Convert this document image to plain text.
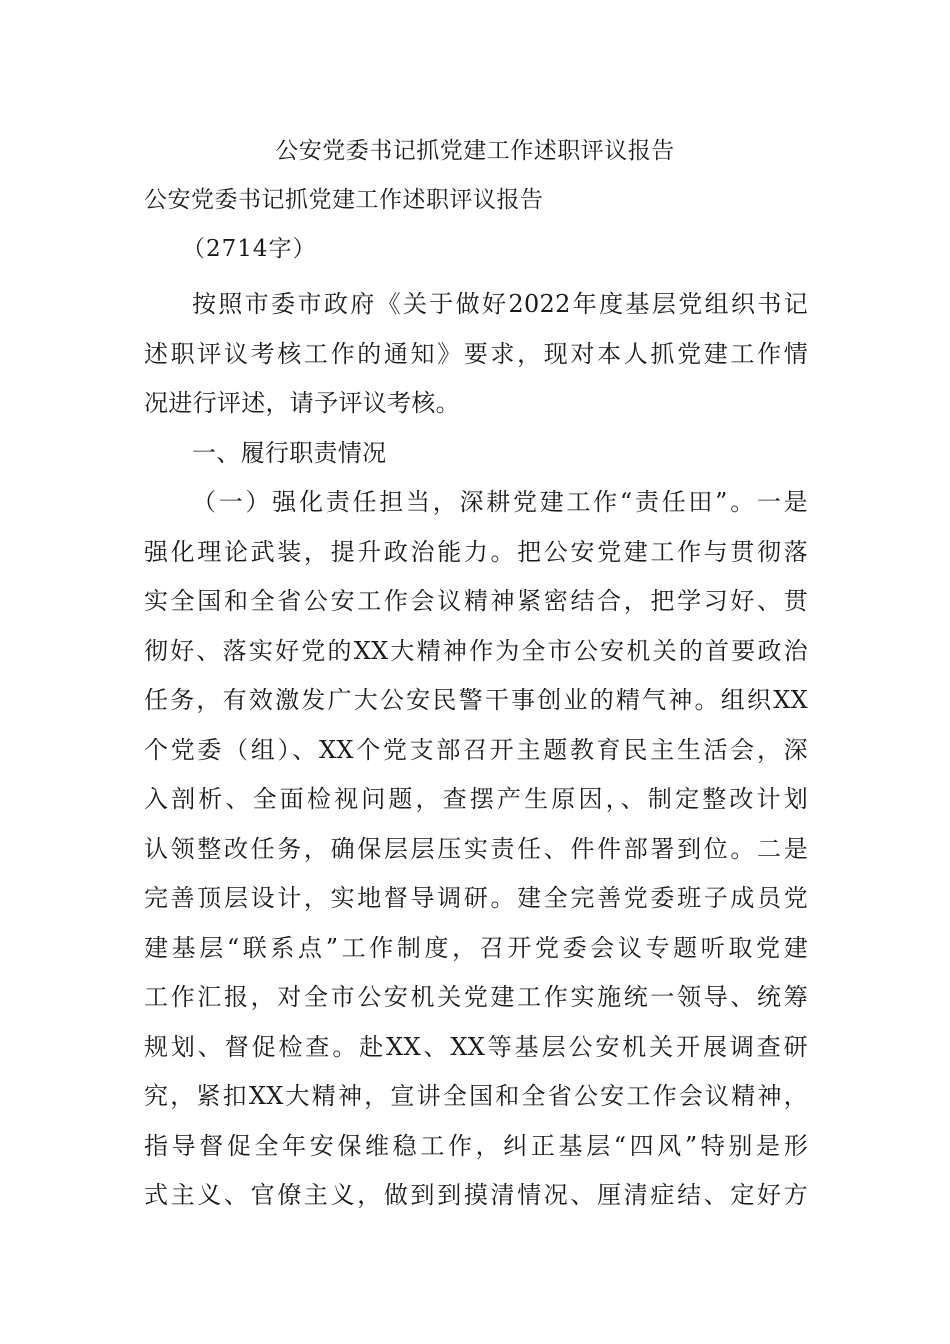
公安党委书记抓党建工作述职评议报告
公安党委书记抓党建工作述职评议报告
（2714字）
按照市委市政府《关于做好2022年度基层党组织书记
述职评议考核工作的通知》要求，现对本人抓党建工作情
况进行评述，请予评议考核。
一、履行职责情况
（一）强化责任担当，深耕党建工作“责任田”。一是
强化理论武装，提升政治能力。把公安党建工作与贯彻落
实全国和全省公安工作会议精神紧密结合，把学习好、贯
彻好、落实好党的XX大精神作为全市公安机关的首要政治
任务，有效激发广大公安民警干事创业的精气神。组织XX
个党委（组）、XX个党支部召开主题教育民主生活会，深
入剖析、全面检视问题，查摆产生原因，、制定整改计划
认领整改任务，确保层层压实责任、件件部署到位。二是
完善顶层设计，实地督导调研。建全完善党委班子成员党
建基层“联系点”工作制度，召开党委会议专题听取党建
工作汇报，对全市公安机关党建工作实施统一领导、统筹
规划、督促检查。赴XX、XX等基层公安机关开展调查研
究，紧扣XX大精神，宣讲全国和全省公安工作会议精神，
指导督促全年安保维稳工作，纠正基层“四风”特别是形
式主义、官僚主义，做到到摸清情况、厘清症结、定好方
